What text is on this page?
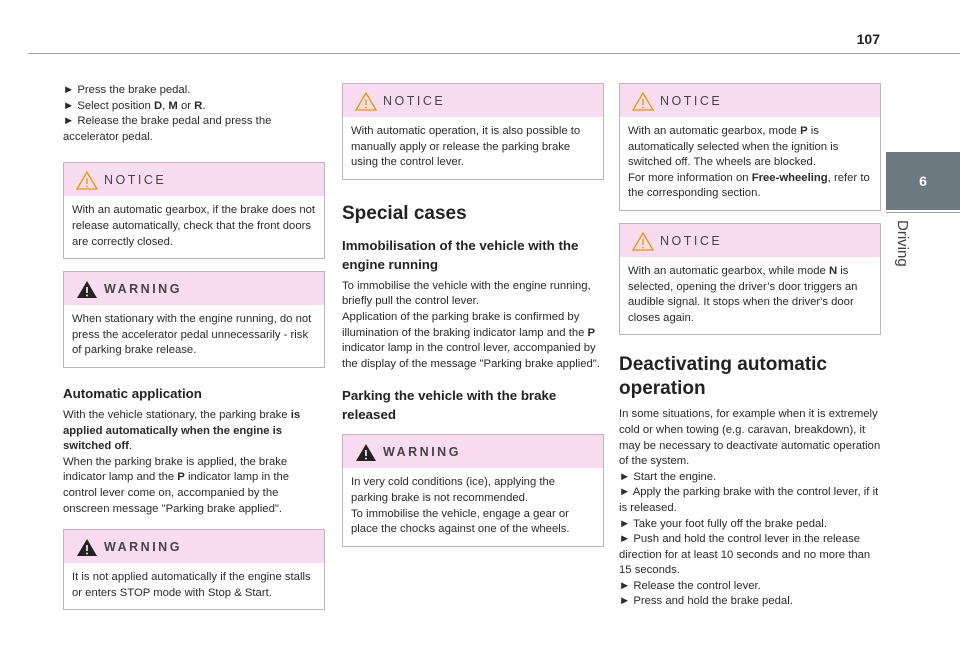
107
6
Driving

► Press the brake pedal.

► Select position D, M or R.

► Release the brake pedal and press the accelerator pedal.

NOTICE
With an automatic gearbox, if the brake does not release automatically, check that the front doors are correctly closed.
WARNING
When stationary with the engine running, do not press the accelerator pedal unnecessarily - risk of parking brake release.
Automatic application

With the vehicle stationary, the parking brake is applied automatically when the engine is switched off.

When the parking brake is applied, the brake indicator lamp and the P indicator lamp in the control lever come on, accompanied by the onscreen message "Parking brake applied".

WARNING
It is not applied automatically if the engine stalls or enters STOP mode with Stop & Start.
NOTICE
With automatic operation, it is also possible to manually apply or release the parking brake using the control lever.
Special cases
Immobilisation of the vehicle with the engine running

To immobilise the vehicle with the engine running, briefly pull the control lever.

Application of the parking brake is confirmed by illumination of the braking indicator lamp and the P indicator lamp in the control lever, accompanied by the display of the message "Parking brake applied".

Parking the vehicle with the brake released
WARNING
In very cold conditions (ice), applying the parking brake is not recommended.
To immobilise the vehicle, engage a gear or place the chocks against one of the wheels.
NOTICE
With an automatic gearbox, mode P is automatically selected when the ignition is switched off. The wheels are blocked.
For more information on Free-wheeling, refer to the corresponding section.
NOTICE
With an automatic gearbox, while mode N is selected, opening the driver’s door triggers an audible signal. It stops when the driver's door closes again.
Deactivating automatic operation

In some situations, for example when it is extremely cold or when towing (e.g. caravan, breakdown), it may be necessary to deactivate automatic operation of the system.

► Start the engine.

► Apply the parking brake with the control lever, if it is released.

► Take your foot fully off the brake pedal.

► Push and hold the control lever in the release direction for at least 10 seconds and no more than 15 seconds.

► Release the control lever.

► Press and hold the brake pedal.
